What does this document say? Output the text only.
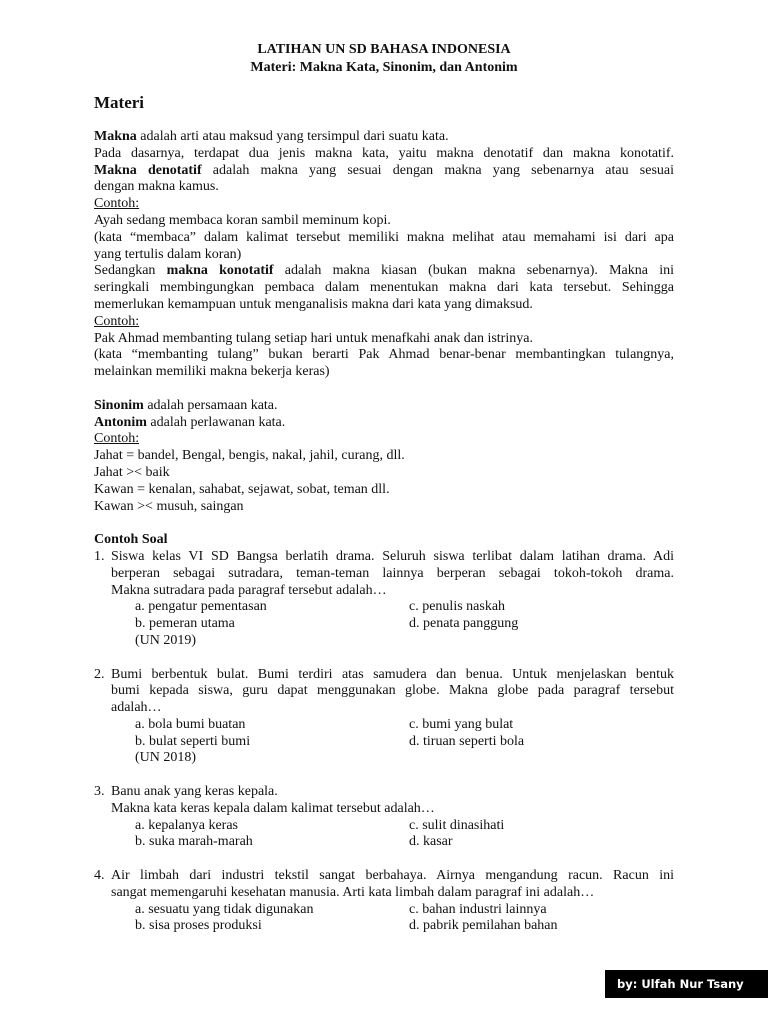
LATIHAN UN SD BAHASA INDONESIA
Materi: Makna Kata, Sinonim, dan Antonim
Materi
Makna adalah arti atau maksud yang tersimpul dari suatu kata.
Pada dasarnya, terdapat dua jenis makna kata, yaitu makna denotatif dan makna konotatif.
Makna denotatif adalah makna yang sesuai dengan makna yang sebenarnya atau sesuai
dengan makna kamus.
Contoh:
Ayah sedang membaca koran sambil meminum kopi.
(kata “membaca” dalam kalimat tersebut memiliki makna melihat atau memahami isi dari apa
yang tertulis dalam koran)
Sedangkan makna konotatif adalah makna kiasan (bukan makna sebenarnya). Makna ini
seringkali membingungkan pembaca dalam menentukan makna dari kata tersebut. Sehingga
memerlukan kemampuan untuk menganalisis makna dari kata yang dimaksud.
Contoh:
Pak Ahmad membanting tulang setiap hari untuk menafkahi anak dan istrinya.
(kata “membanting tulang” bukan berarti Pak Ahmad benar-benar membantingkan tulangnya,
melainkan memiliki makna bekerja keras)
Sinonim adalah persamaan kata.
Antonim adalah perlawanan kata.
Contoh:
Jahat = bandel, Bengal, bengis, nakal, jahil, curang, dll.
Jahat >< baik
Kawan = kenalan, sahabat, sejawat, sobat, teman dll.
Kawan >< musuh, saingan
Contoh Soal
1. Siswa kelas VI SD Bangsa berlatih drama. Seluruh siswa terlibat dalam latihan drama. Adi
berperan sebagai sutradara, teman-teman lainnya berperan sebagai tokoh-tokoh drama.
Makna sutradara pada paragraf tersebut adalah…
a. pengatur pementasan	c. penulis naskah
b. pemeran utama	d. penata panggung
(UN 2019)
2. Bumi berbentuk bulat. Bumi terdiri atas samudera dan benua. Untuk menjelaskan bentuk
bumi kepada siswa, guru dapat menggunakan globe. Makna globe pada paragraf tersebut
adalah…
a. bola bumi buatan	c. bumi yang bulat
b. bulat seperti bumi	d. tiruan seperti bola
(UN 2018)
3. Banu anak yang keras kepala.
Makna kata keras kepala dalam kalimat tersebut adalah…
a. kepalanya keras	c. sulit dinasihati
b. suka marah-marah	d. kasar
4. Air limbah dari industri tekstil sangat berbahaya. Airnya mengandung racun. Racun ini
sangat memengaruhi kesehatan manusia. Arti kata limbah dalam paragraf ini adalah…
a. sesuatu yang tidak digunakan	c. bahan industri lainnya
b. sisa proses produksi	d. pabrik pemilahan bahan
by: Ulfah Nur Tsany
